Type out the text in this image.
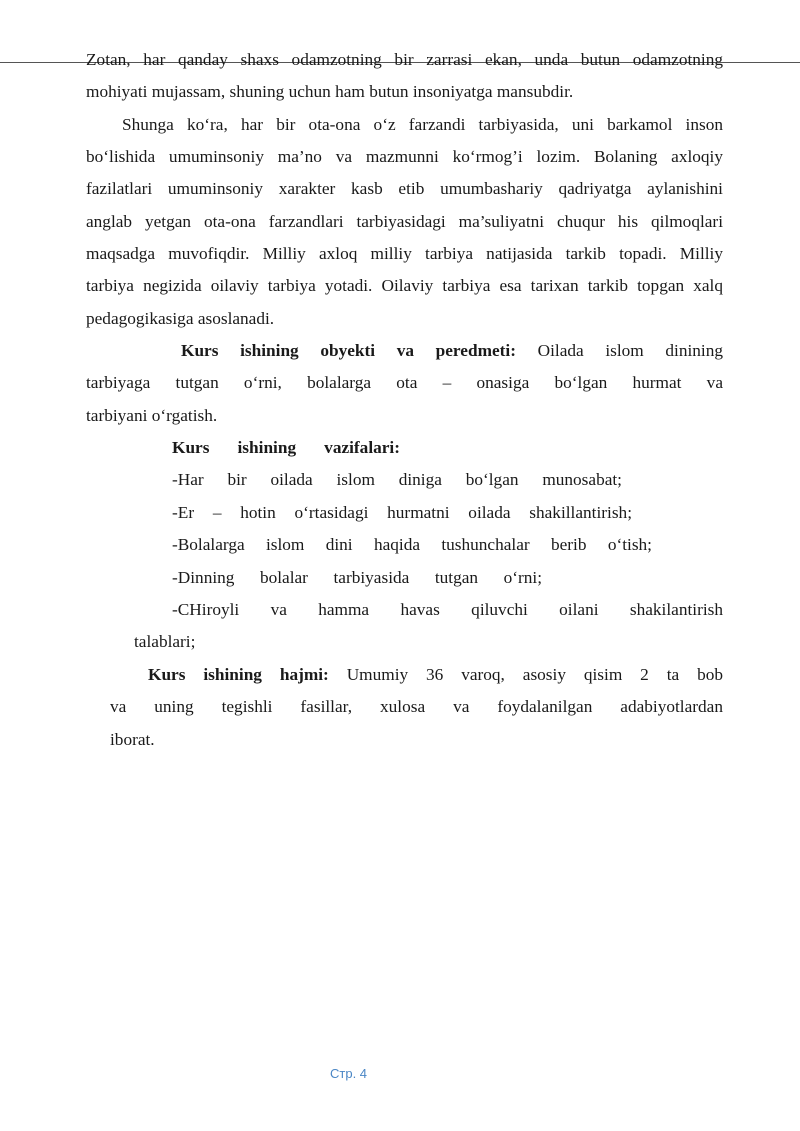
Zotan, har qanday shaxs odamzotning bir zarrasi ekan, unda butun odamzotning
mohiyati mujassam, shuning uchun ham butun insoniyatga mansubdir.
Shunga ko‘ra, har bir ota-ona o‘z farzandi tarbiyasida, uni barkamol inson
bo‘lishida umuminsoniy ma’no va mazmunni ko‘rmog’i lozim. Bolaning axloqiy
fazilatlari umuminsoniy xarakter kasb etib umumbashariy qadriyatga aylanishini
anglab yetgan ota-ona farzandlari tarbiyasidagi ma’suliyatni chuqur his qilmoqlari
maqsadga muvofiqdir. Milliy axloq milliy tarbiya natijasida tarkib topadi. Milliy
tarbiya negizida oilaviy tarbiya yotadi. Oilaviy tarbiya esa tarixan tarkib topgan xalq
pedagogikasiga asoslanadi.
Kurs ishining obyekti va peredmeti: Oilada islom dinining
tarbiyaga tutgan o‘rni, bolalarga ota – onasiga bo‘lgan hurmat va
tarbiyani o‘rgatish.
Kurs ishining vazifalari:
-Har bir oilada islom diniga bo‘lgan munosabat;
-Er – hotin o‘rtasidagi hurmatni oilada shakillantirish;
-Bolalarga islom dini haqida tushunchalar berib o‘tish;
-Dinning bolalar tarbiyasida tutgan o‘rni;
-CHiroyli va hamma havas qiluvchi oilani shakilantirish
talablari;
Kurs ishining hajmi: Umumiy 36 varoq, asosiy qisim 2 ta bob
va uning tegishli fasillar, xulosa va foydalanilgan adabiyotlardan
iborat.
Стр. 4
